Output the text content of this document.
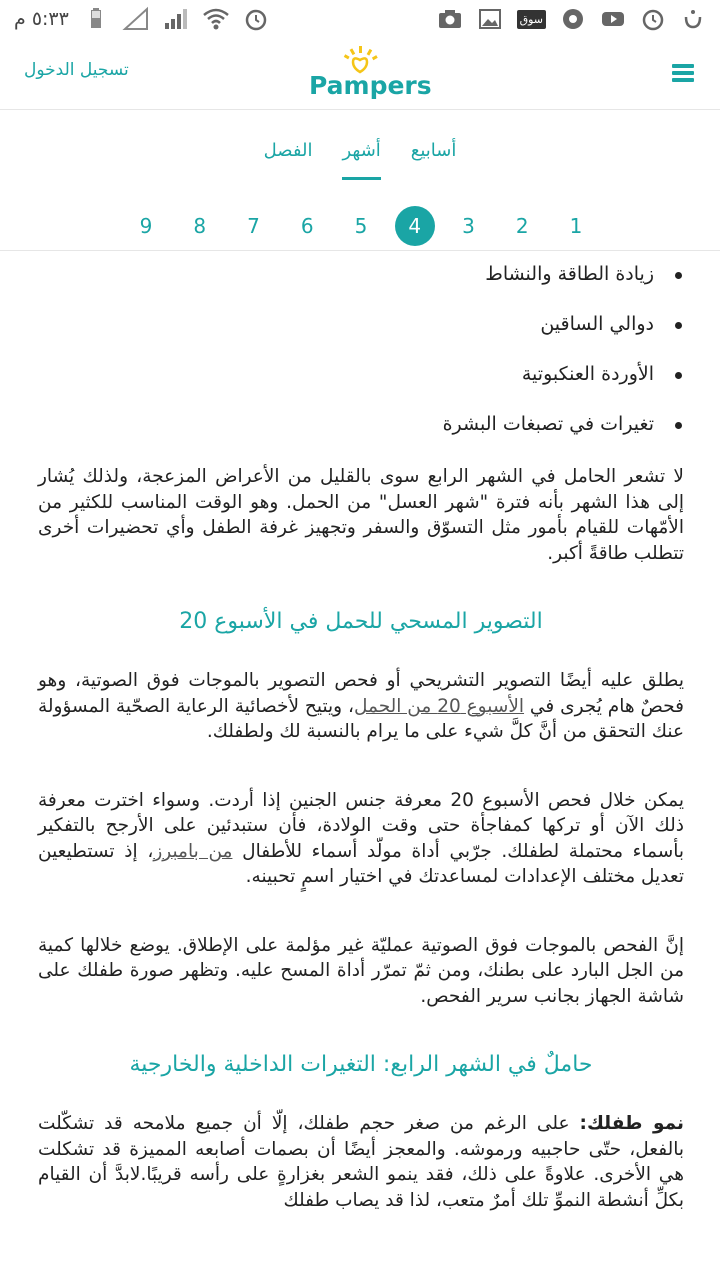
٥:٣٣ م	سوق
تسجيل الدخول
Pampers
أسابيع
أشهر
الفصل
1
2
3
4
5
6
7
8
9
زيادة الطاقة والنشاط
دوالي الساقين
الأوردة العنكبوتية
تغيرات في تصبغات البشرة

لا تشعر الحامل في الشهر الرابع سوى بالقليل من الأعراض المزعجة، ولذلك يُشار إلى هذا الشهر بأنه فترة "شهر العسل" من الحمل. وهو الوقت المناسب للكثير من الأمّهات للقيام بأمور مثل التسوّق والسفر وتجهيز غرفة الطفل وأي تحضيرات أخرى تتطلب طاقةً أكبر.

التصوير المسحي للحمل في الأسبوع 20

يطلق عليه أيضًا التصوير التشريحي أو فحص التصوير بالموجات فوق الصوتية، وهو فحصٌ هام يُجرى في الأسبوع 20 من الحمل، ويتيح لأخصائية الرعاية الصحّية المسؤولة عنك التحقق من أنَّ كلَّ شيء على ما يرام بالنسبة لك ولطفلك.

يمكن خلال فحص الأسبوع 20 معرفة جنس الجنين إذا أردت. وسواء اخترت معرفة ذلك الآن أو تركها كمفاجأة حتى وقت الولادة، فأن ستبدئين على الأرجح بالتفكير بأسماء محتملة لطفلك. جرّبي أداة مولّد أسماء للأطفال من بامبرز، إذ تستطيعين تعديل مختلف الإعدادات لمساعدتك في اختيار اسمٍ تحبينه.

إنَّ الفحص بالموجات فوق الصوتية عمليّة غير مؤلمة على الإطلاق. يوضع خلالها كمية من الجل البارد على بطنك، ومن ثمّ تمرّر أداة المسح عليه. وتظهر صورة طفلك على شاشة الجهاز بجانب سرير الفحص.

حاملٌ في الشهر الرابع: التغيرات الداخلية والخارجية

نمو طفلك: على الرغم من صغر حجم طفلك، إلّا أن جميع ملامحه قد تشكّلت بالفعل، حتّى حاجبيه ورموشه. والمعجز أيضًا أن بصمات أصابعه المميزة قد تشكلت هي الأخرى. علاوةً على ذلك، فقد ينمو الشعر بغزارةٍ على رأسه قريبًا.لابدَّ أن القيام بكلِّ أنشطة النموِّ تلك أمرٌ متعب، لذا قد يصاب طفلك
